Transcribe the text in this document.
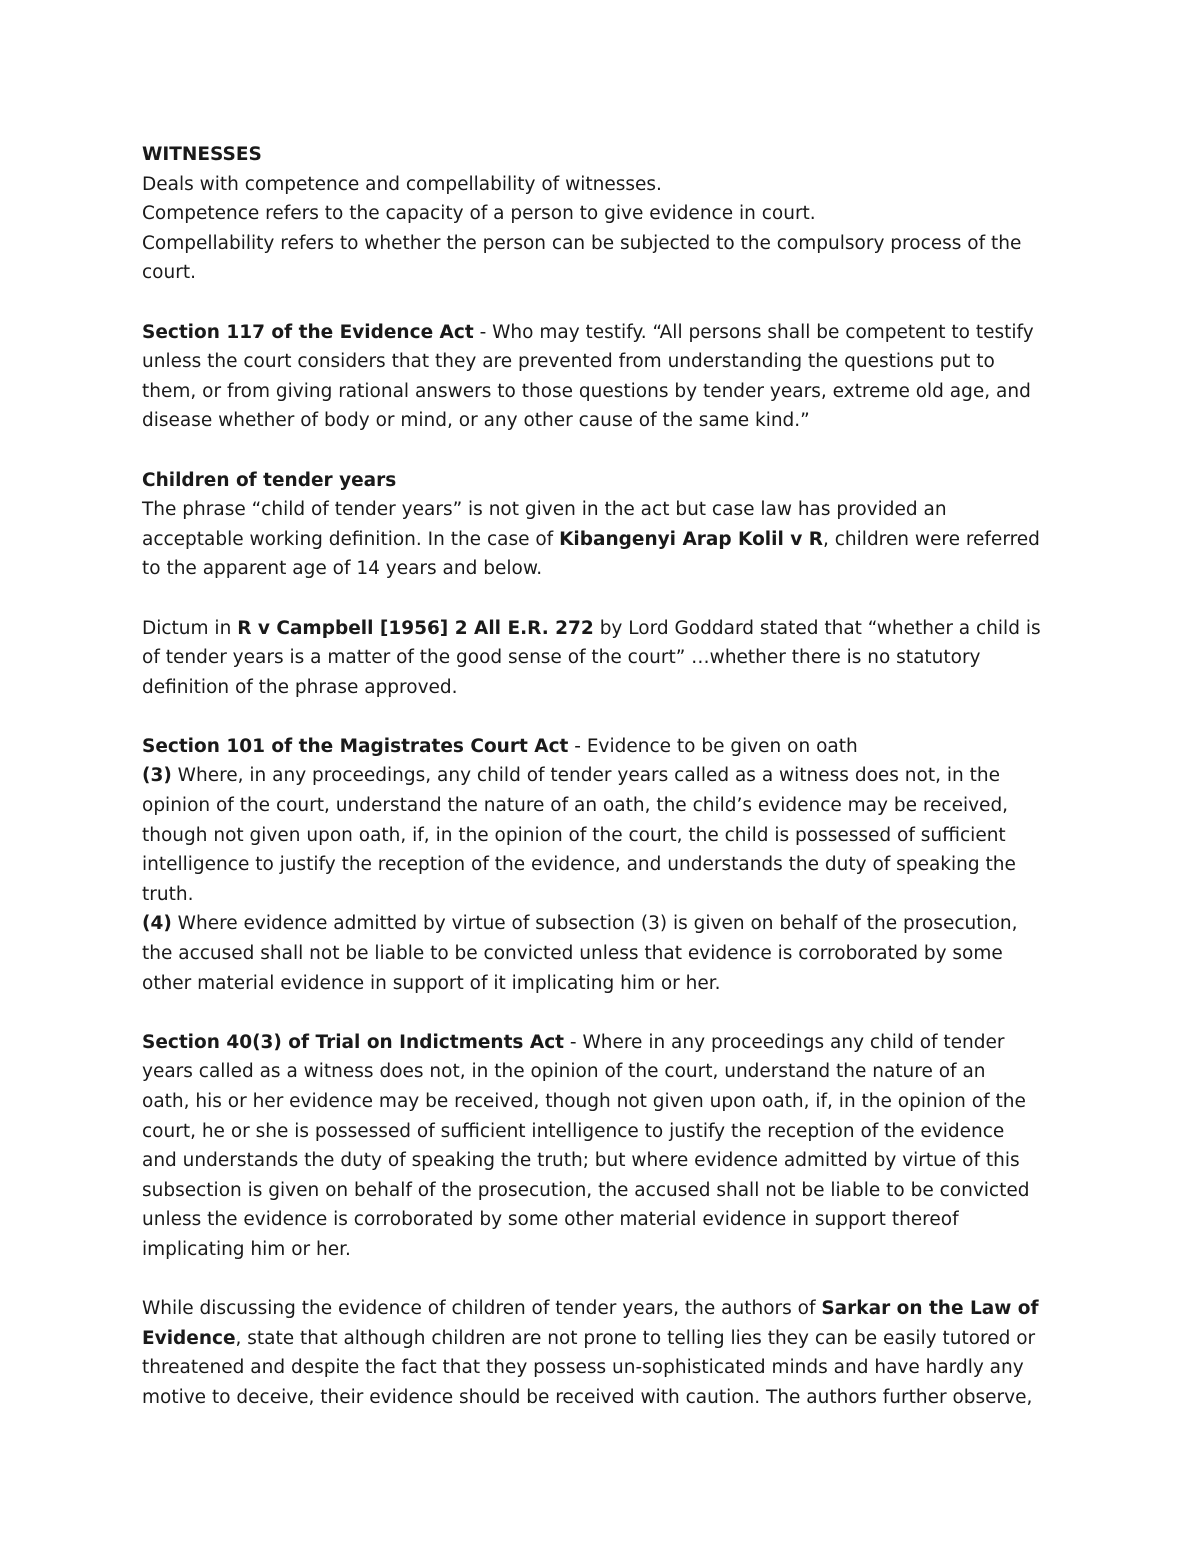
WITNESSES
Deals with competence and compellability of witnesses.
Competence refers to the capacity of a person to give evidence in court.
Compellability refers to whether the person can be subjected to the compulsory process of the
court.
Section 117 of the Evidence Act - Who may testify. “All persons shall be competent to testify
unless the court considers that they are prevented from understanding the questions put to
them, or from giving rational answers to those questions by tender years, extreme old age, and
disease whether of body or mind, or any other cause of the same kind.”
Children of tender years
The phrase “child of tender years” is not given in the act but case law has provided an
acceptable working definition. In the case of Kibangenyi Arap Kolil v R, children were referred
to the apparent age of 14 years and below.
Dictum in R v Campbell [1956] 2 All E.R. 272 by Lord Goddard stated that “whether a child is
of tender years is a matter of the good sense of the court” …whether there is no statutory
definition of the phrase approved.
Section 101 of the Magistrates Court Act - Evidence to be given on oath
(3) Where, in any proceedings, any child of tender years called as a witness does not, in the
opinion of the court, understand the nature of an oath, the child’s evidence may be received,
though not given upon oath, if, in the opinion of the court, the child is possessed of sufficient
intelligence to justify the reception of the evidence, and understands the duty of speaking the
truth.
(4) Where evidence admitted by virtue of subsection (3) is given on behalf of the prosecution,
the accused shall not be liable to be convicted unless that evidence is corroborated by some
other material evidence in support of it implicating him or her.
Section 40(3) of Trial on Indictments Act - Where in any proceedings any child of tender
years called as a witness does not, in the opinion of the court, understand the nature of an
oath, his or her evidence may be received, though not given upon oath, if, in the opinion of the
court, he or she is possessed of sufficient intelligence to justify the reception of the evidence
and understands the duty of speaking the truth; but where evidence admitted by virtue of this
subsection is given on behalf of the prosecution, the accused shall not be liable to be convicted
unless the evidence is corroborated by some other material evidence in support thereof
implicating him or her.
While discussing the evidence of children of tender years, the authors of Sarkar on the Law of
Evidence, state that although children are not prone to telling lies they can be easily tutored or
threatened and despite the fact that they possess un-sophisticated minds and have hardly any
motive to deceive, their evidence should be received with caution. The authors further observe,
